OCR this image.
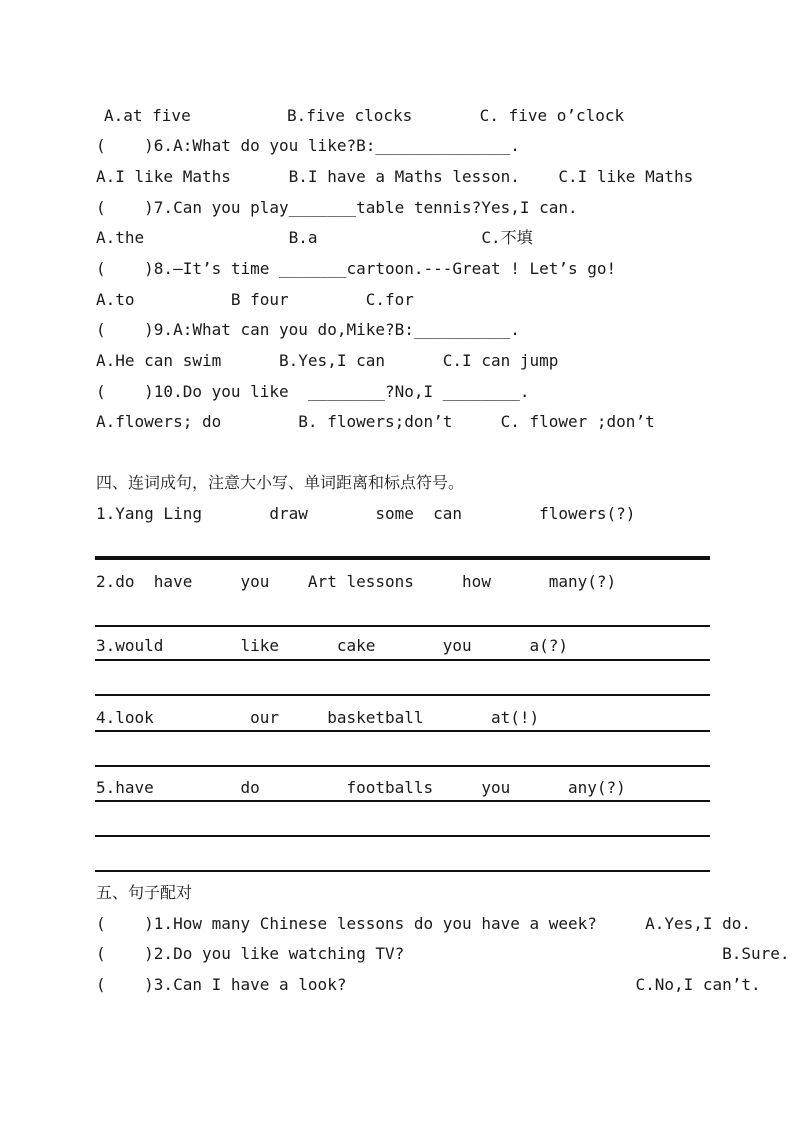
A.at five          B.five clocks       C. five o’clock
(    )6.A:What do you like?B:______________.
A.I like Maths      B.I have a Maths lesson.    C.I like Maths
(    )7.Can you play_______table tennis?Yes,I can.
A.the               B.a                 C.不填
(    )8.—It’s time _______cartoon.---Great ! Let’s go!
A.to          B four        C.for
(    )9.A:What can you do,Mike?B:__________.
A.He can swim      B.Yes,I can      C.I can jump
(    )10.Do you like  ________?No,I ________.
A.flowers; do        B. flowers;don’t     C. flower ;don’t
四、连词成句，注意大小写、单词距离和标点符号。
1.Yang Ling       draw       some  can        flowers(?)
2.do  have     you    Art lessons     how      many(?)
3.would        like      cake       you      a(?)
4.look          our     basketball       at(!)
5.have         do         footballs     you      any(?)
五、句子配对
(    )1.How many Chinese lessons do you have a week?     A.Yes,I do.
(    )2.Do you like watching TV?                                 B.Sure.
(    )3.Can I have a look?                              C.No,I can’t.
